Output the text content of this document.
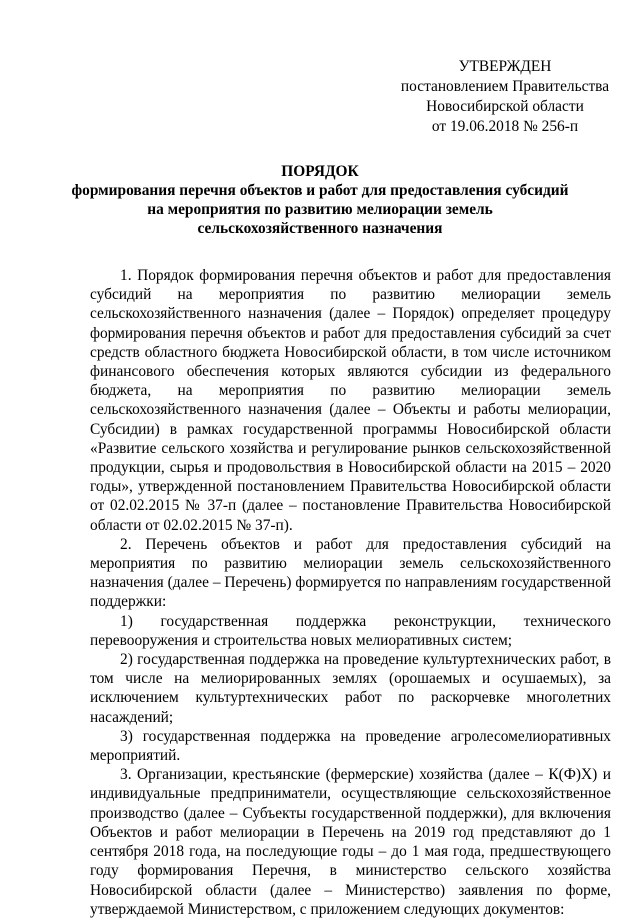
УТВЕРЖДЕН
постановлением Правительства
Новосибирской области
от 19.06.2018 № 256-п
ПОРЯДОК
формирования перечня объектов и работ для предоставления субсидий
на мероприятия по развитию мелиорации земель
сельскохозяйственного назначения

1. Порядок формирования перечня объектов и работ для предоставления субсидий на мероприятия по развитию мелиорации земель сельскохозяйственного назначения (далее – Порядок) определяет процедуру формирования перечня объектов и работ для предоставления субсидий за счет средств областного бюджета Новосибирской области, в том числе источником финансового обеспечения которых являются субсидии из федерального бюджета, на мероприятия по развитию мелиорации земель сельскохозяйственного назначения (далее – Объекты и работы мелиорации, Субсидии) в рамках государственной программы Новосибирской области «Развитие сельского хозяйства и регулирование рынков сельскохозяйственной продукции, сырья и продовольствия в Новосибирской области на 2015 – 2020 годы», утвержденной постановлением Правительства Новосибирской области от 02.02.2015 № 37-п (далее – постановление Правительства Новосибирской области от 02.02.2015 № 37-п).

2. Перечень объектов и работ для предоставления субсидий на мероприятия по развитию мелиорации земель сельскохозяйственного назначения (далее – Перечень) формируется по направлениям государственной поддержки:

1) государственная поддержка реконструкции, технического перевооружения и строительства новых мелиоративных систем;

2) государственная поддержка на проведение культуртехнических работ, в том числе на мелиорированных землях (орошаемых и осушаемых), за исключением культуртехнических работ по раскорчевке многолетних насаждений;

3) государственная поддержка на проведение агролесомелиоративных мероприятий.

3. Организации, крестьянские (фермерские) хозяйства (далее – К(Ф)Х) и индивидуальные предприниматели, осуществляющие сельскохозяйственное производство (далее – Субъекты государственной поддержки), для включения Объектов и работ мелиорации в Перечень на 2019 год представляют до 1 сентября 2018 года, на последующие годы – до 1 мая года, предшествующего году формирования Перечня, в министерство сельского хозяйства Новосибирской области (далее – Министерство) заявления по форме, утверждаемой Министерством, с приложением следующих документов:
